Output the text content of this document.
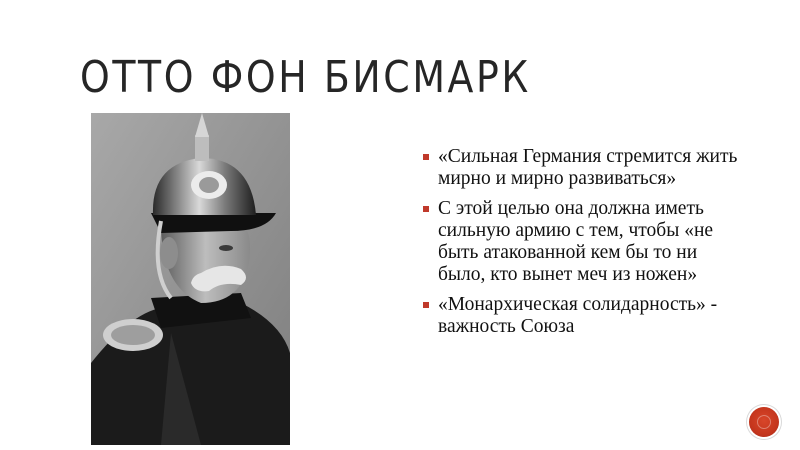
ОТТО ФОН БИСМАРК
«Сильная Германия стремится жить мирно и мирно развиваться»
С этой целью она должна иметь сильную армию с тем, чтобы «не быть атакованной кем бы то ни было, кто вынет меч из ножен»
«Монархическая солидарность» - важность Союза
